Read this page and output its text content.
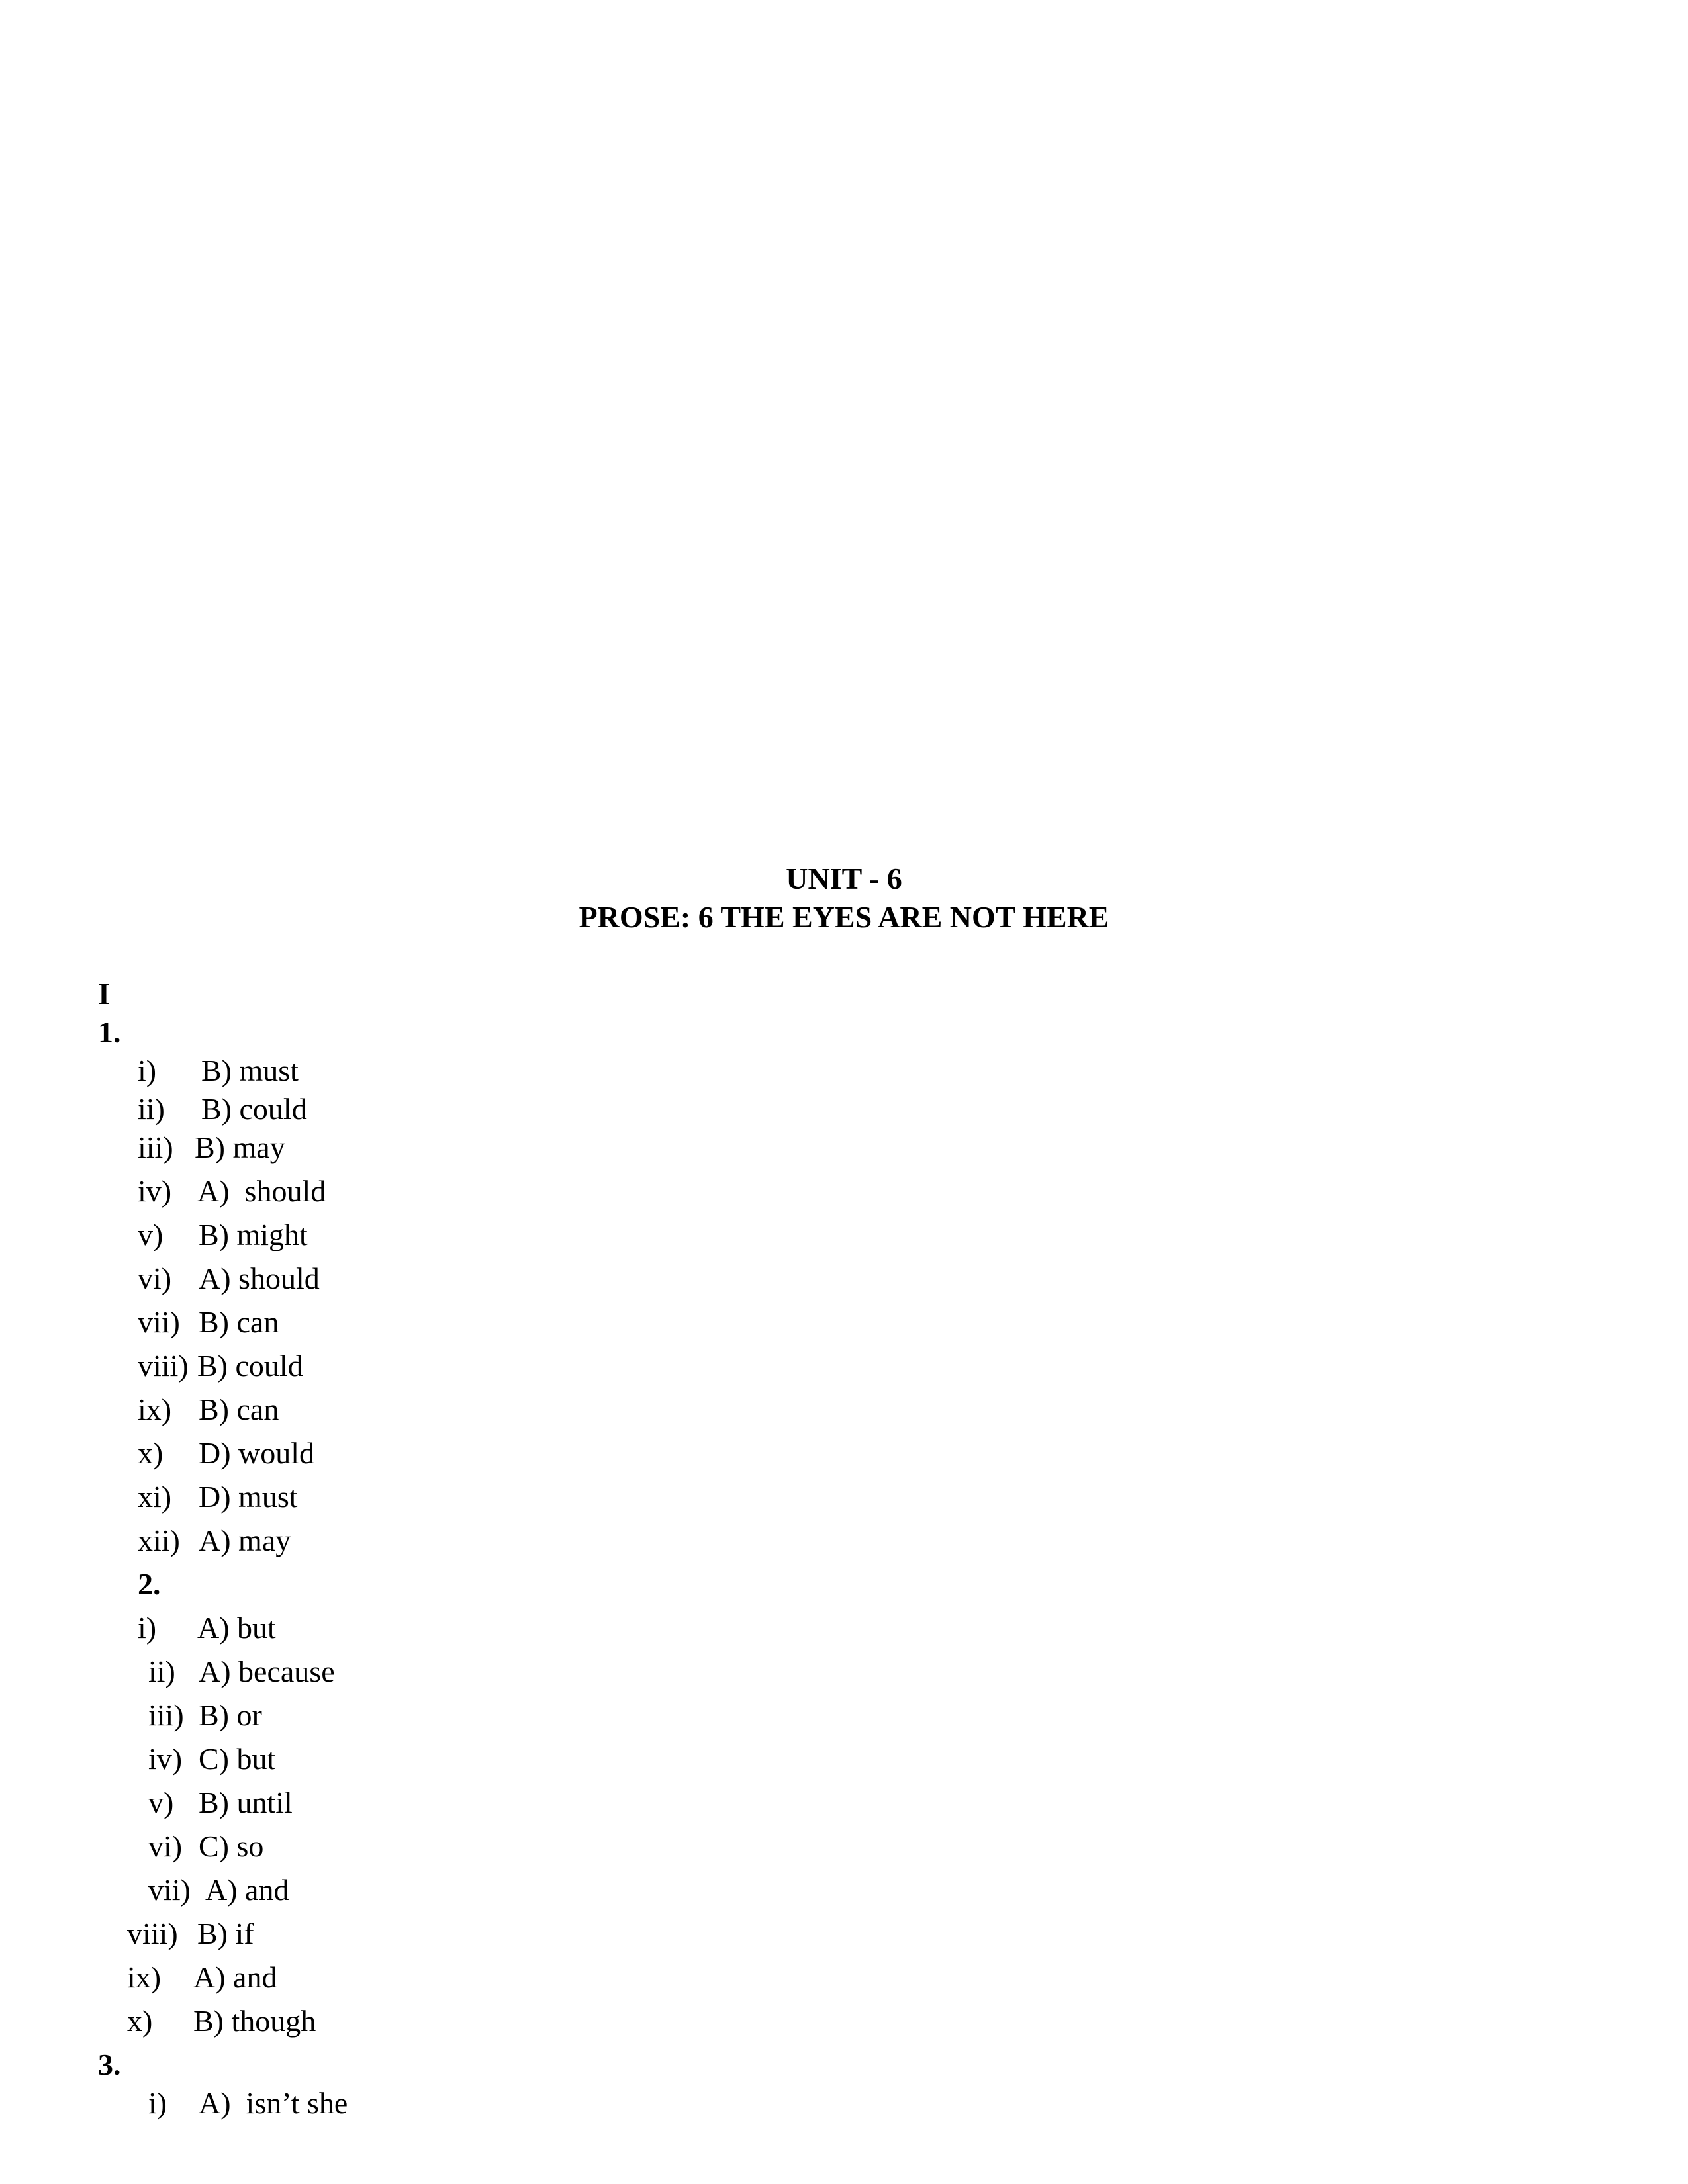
UNIT - 6
PROSE: 6 THE EYES ARE NOT HERE
I
1.
i) B) must
ii) B) could
iii) B) may
iv) A)  should
v) B) might
vi) A) should
vii) B) can
viii) B) could
ix) B) can
x) D) would
xi) D) must
xii) A) may
2.
i) A) but
ii) A) because
iii) B) or
iv) C) but
v) B) until
vi) C) so
vii) A) and
viii) B) if
ix) A) and
x) B) though
3.
i) A)  isn’t she
